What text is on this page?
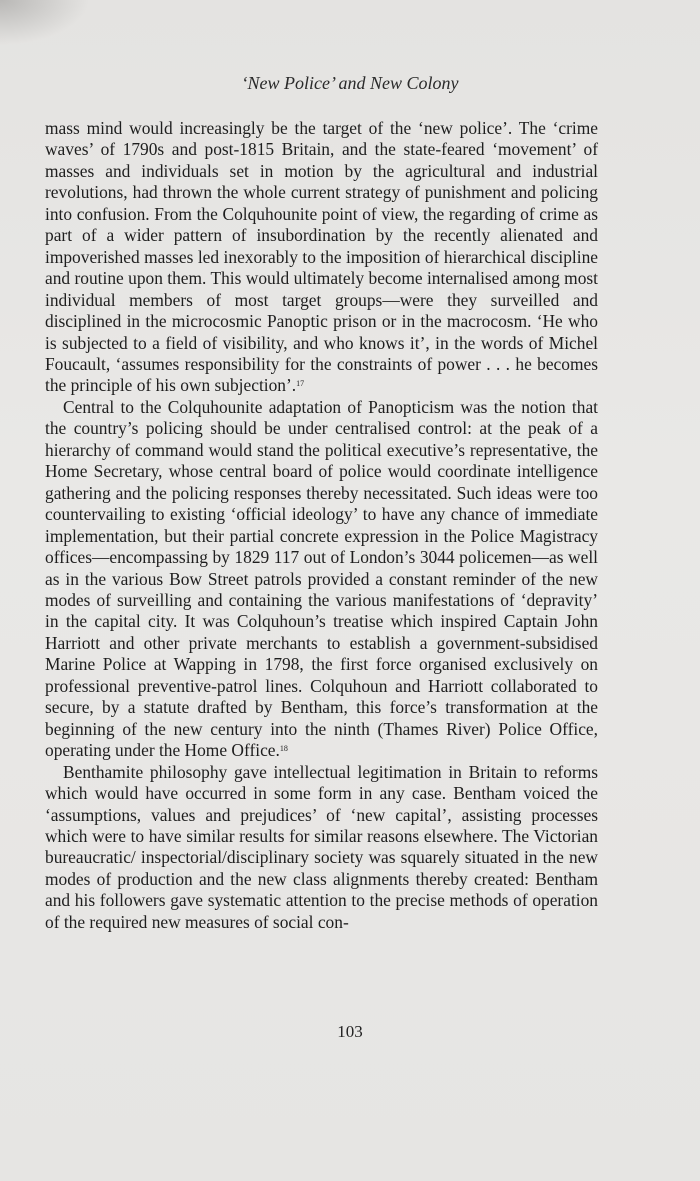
‘New Police’ and New Colony

mass mind would increasingly be the target of the ‘new police’. The ‘crime waves’ of 1790s and post-1815 Britain, and the state-feared ‘movement’ of masses and individuals set in motion by the agricultural and industrial revolutions, had thrown the whole current strategy of punishment and policing into confusion. From the Colquhounite point of view, the regarding of crime as part of a wider pattern of insubordination by the recently alienated and impoverished masses led inexorably to the imposition of hierarchical discipline and routine upon them. This would ultimately become internalised among most individual members of most target groups—were they surveilled and disciplined in the microcosmic Panoptic prison or in the macrocosm. ‘He who is subjected to a field of visibility, and who knows it’, in the words of Michel Foucault, ‘assumes responsibility for the constraints of power . . . he becomes the principle of his own subjection’.$^{17}$

Central to the Colquhounite adaptation of Panopticism was the notion that the country’s policing should be under centralised control: at the peak of a hierarchy of command would stand the political executive’s representative, the Home Secretary, whose central board of police would coordinate intelligence gathering and the policing responses thereby necessitated. Such ideas were too countervailing to existing ‘official ideology’ to have any chance of immediate implementation, but their partial concrete expression in the Police Magistracy offices—encompassing by 1829 117 out of London’s 3044 policemen—as well as in the various Bow Street patrols provided a constant reminder of the new modes of surveilling and containing the various manifestations of ‘depravity’ in the capital city. It was Colquhoun’s treatise which inspired Captain John Harriott and other private merchants to establish a government-subsidised Marine Police at Wapping in 1798, the first force organised exclusively on professional preventive-patrol lines. Colquhoun and Harriott collaborated to secure, by a statute drafted by Bentham, this force’s transformation at the beginning of the new century into the ninth (Thames River) Police Office, operating under the Home Office.$^{18}$

Benthamite philosophy gave intellectual legitimation in Britain to reforms which would have occurred in some form in any case. Bentham voiced the ‘assumptions, values and prejudices’ of ‘new capital’, assisting processes which were to have similar results for similar reasons elsewhere. The Victorian bureaucratic/ inspectorial/disciplinary society was squarely situated in the new modes of production and the new class alignments thereby created: Bentham and his followers gave systematic attention to the precise methods of operation of the required new measures of social con-

103
